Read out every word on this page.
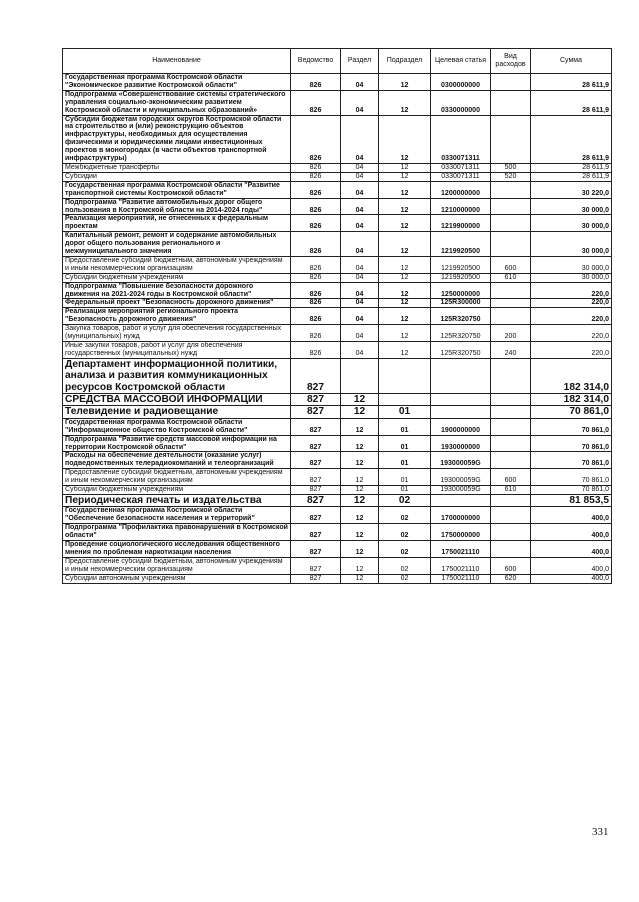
Наименование	Ведомство	Раздел	Подраздел	Целевая статья	Вид расходов	Сумма
Государственная программа Костромской области "Экономическое развитие Костромской области"	826	04	12	0300000000		28 611,9
Подпрограмма «Совершенствование системы стратегического управления социально-экономическим развитием Костромской области и муниципальных образований»	826	04	12	0330000000		28 611,9
Субсидии бюджетам городских округов Костромской области на строительство и (или) реконструкцию объектов инфраструктуры, необходимых для осуществления физическими и юридическими лицами инвестиционных проектов в моногородах (в части объектов транспортной инфраструктуры)	826	04	12	0330071311		28 611,9
Межбюджетные трансферты	826	04	12	0330071311	500	28 611,9
Субсидии	826	04	12	0330071311	520	28 611,9
Государственная программа Костромской области "Развитие транспортной системы Костромской области"	826	04	12	1200000000		30 220,0
Подпрограмма "Развитие автомобильных дорог общего пользования в Костромской области на 2014-2024 годы"	826	04	12	1210000000		30 000,0
Реализация мероприятий, не отнесенных к федеральным проектам	826	04	12	1219900000		30 000,0
Капитальный ремонт, ремонт и содержание автомобильных дорог общего пользования регионального и межмуниципального значения	826	04	12	1219920500		30 000,0
Предоставление субсидий бюджетным, автономным учреждениям и иным некоммерческим организациям	826	04	12	1219920500	600	30 000,0
Субсидии бюджетным учреждениям	826	04	12	1219920500	610	30 000,0
Подпрограмма "Повышение безопасности дорожного движения на 2021-2024 годы в Костромской области"	826	04	12	1250000000		220,0
Федеральный проект "Безопасность дорожного движения"	826	04	12	125R300000		220,0
Реализация мероприятий регионального проекта "Безопасность дорожного движения"	826	04	12	125R320750		220,0
Закупка товаров, работ и услуг для обеспечения государственных (муниципальных) нужд	826	04	12	125R320750	200	220,0
Иные закупки товаров, работ и услуг для обеспечения государственных (муниципальных) нужд	826	04	12	125R320750	240	220,0
Департамент информационной политики, анализа и развития коммуникационных ресурсов Костромской области	827					182 314,0
СРЕДСТВА МАССОВОЙ ИНФОРМАЦИИ	827	12				182 314,0
Телевидение и радиовещание	827	12	01			70 861,0
Государственная программа Костромской области "Информационное общество Костромской области"	827	12	01	1900000000		70 861,0
Подпрограмма "Развитие средств массовой информации на территории Костромской области"	827	12	01	1930000000		70 861,0
Расходы на обеспечение деятельности (оказание услуг) подведомственных телерадиокомпаний и телеорганизаций	827	12	01	193000059G		70 861,0
Предоставление субсидий бюджетным, автономным учреждениям и иным некоммерческим организациям	827	12	01	193000059G	600	70 861,0
Субсидии бюджетным учреждениям	827	12	01	193000059G	610	70 861,0
Периодическая печать и издательства	827	12	02			81 853,5
Государственная программа Костромской области "Обеспечение безопасности населения и территорий"	827	12	02	1700000000		400,0
Подпрограмма "Профилактика правонарушений в Костромской области"	827	12	02	1750000000		400,0
Проведение социологического исследования общественного мнения по проблемам наркотизации населения	827	12	02	1750021110		400,0
Предоставление субсидий бюджетным, автономным учреждениям и иным некоммерческим организациям	827	12	02	1750021110	600	400,0
Субсидии автономным учреждениям	827	12	02	1750021110	620	400,0
331
